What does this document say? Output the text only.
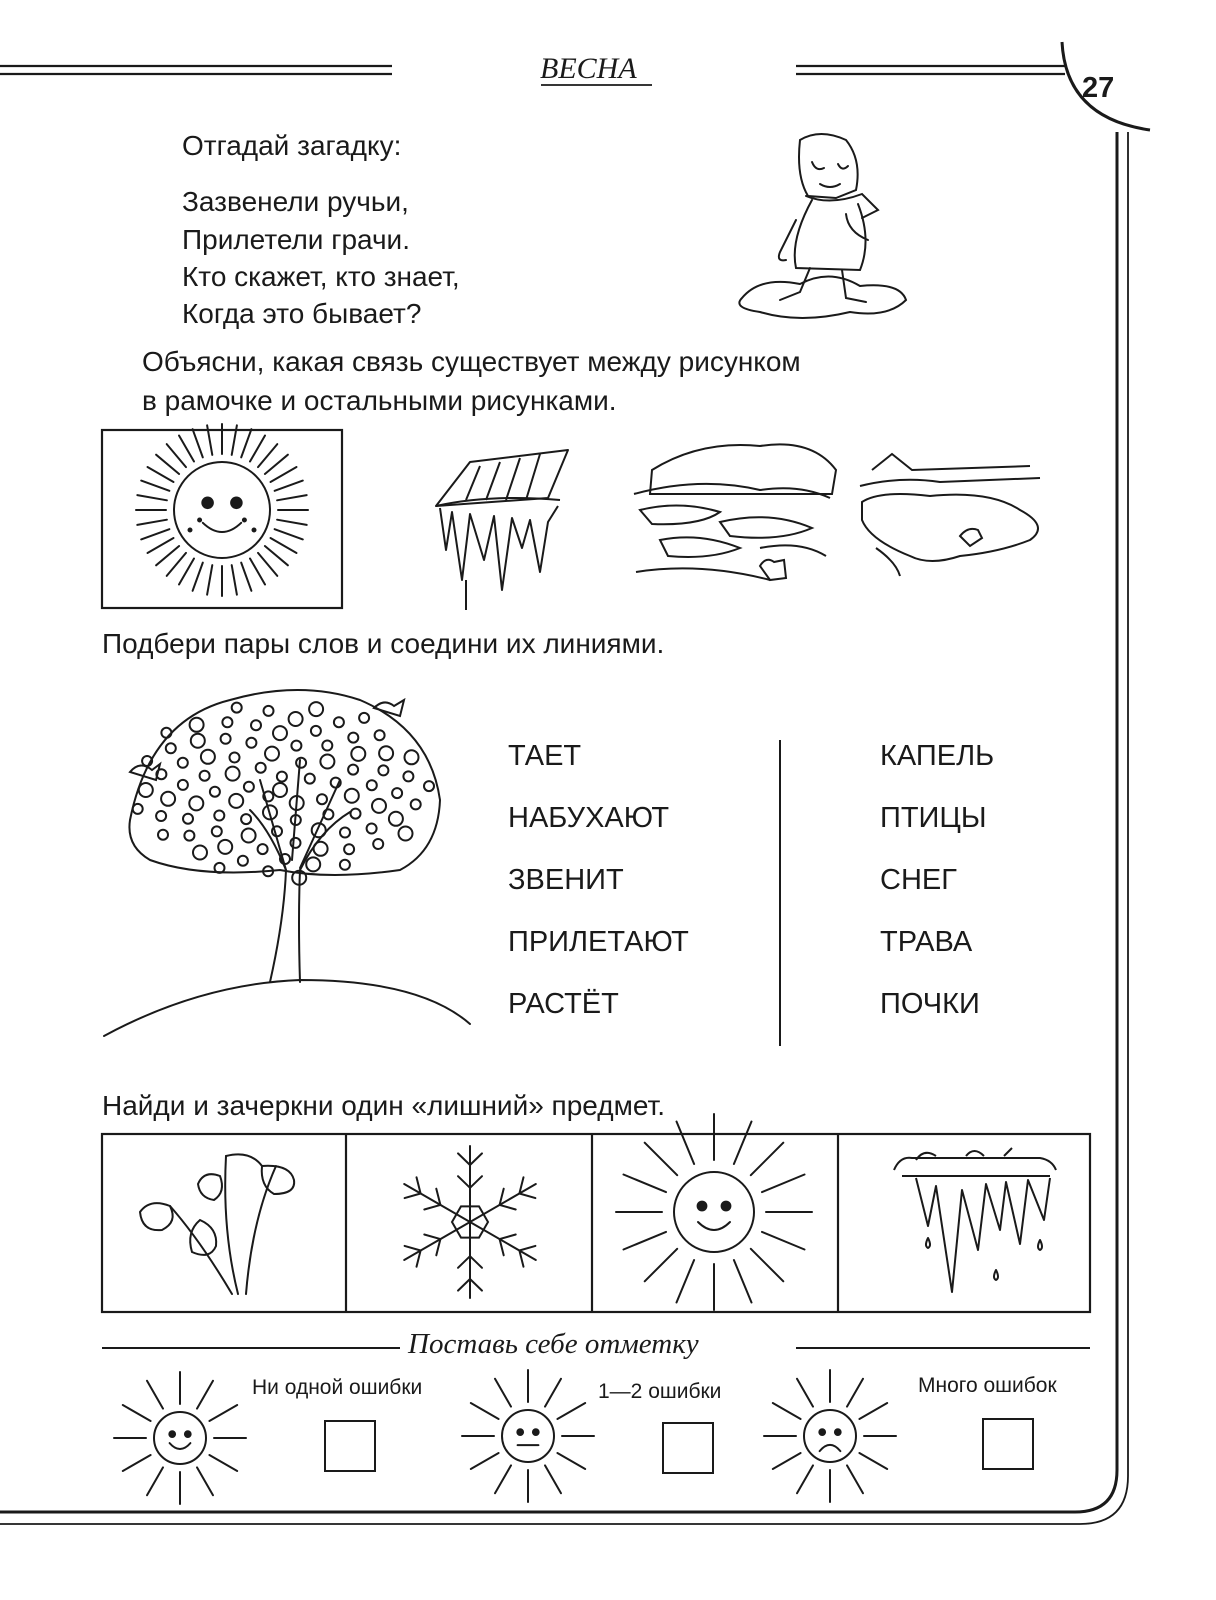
ВЕСНА
27
Отгадай загадку:
Зазвенели ручьи,
Прилетели грачи.
Кто скажет, кто знает,
Когда это бывает?
Объясни, какая связь существует между рисунком
в рамочке и остальными рисунками.
Подбери пары слов и соедини их линиями.
ТАЕТ
НАБУХАЮТ
ЗВЕНИТ
ПРИЛЕТАЮТ
РАСТЁТ
КАПЕЛЬ
ПТИЦЫ
СНЕГ
ТРАВА
ПОЧКИ
Найди и зачеркни один «лишний» предмет.
Поставь себе отметку
Ни одной ошибки	1—2 ошибки	Много ошибок
